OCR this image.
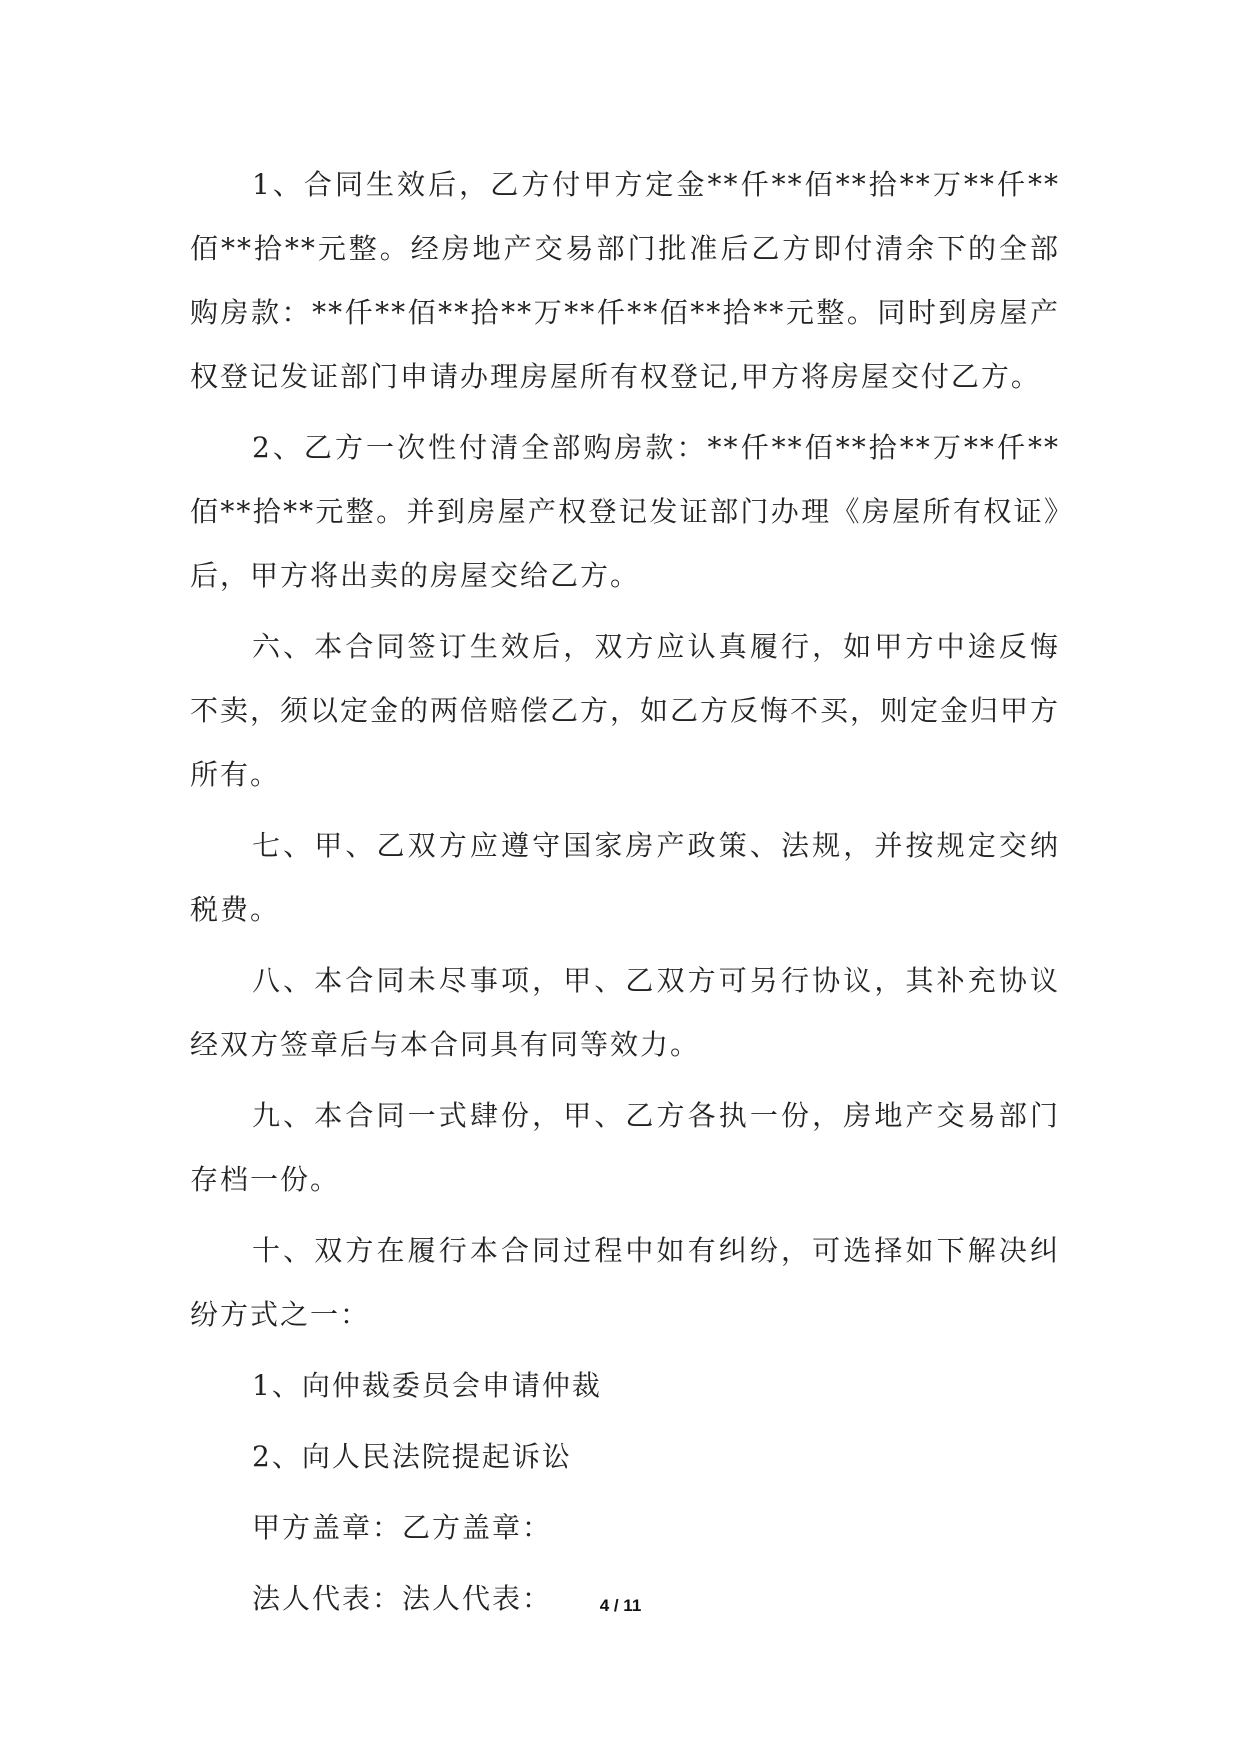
1、合同生效后，乙方付甲方定金**仟**佰**拾**万**仟**佰**拾**元整。经房地产交易部门批准后乙方即付清余下的全部购房款：**仟**佰**拾**万**仟**佰**拾**元整。同时到房屋产权登记发证部门申请办理房屋所有权登记,甲方将房屋交付乙方。

2、乙方一次性付清全部购房款：**仟**佰**拾**万**仟**佰**拾**元整。并到房屋产权登记发证部门办理《房屋所有权证》后，甲方将出卖的房屋交给乙方。

六、本合同签订生效后，双方应认真履行，如甲方中途反悔不卖，须以定金的两倍赔偿乙方，如乙方反悔不买，则定金归甲方所有。

七、甲、乙双方应遵守国家房产政策、法规，并按规定交纳税费。

八、本合同未尽事项，甲、乙双方可另行协议，其补充协议经双方签章后与本合同具有同等效力。

九、本合同一式肆份，甲、乙方各执一份，房地产交易部门存档一份。

十、双方在履行本合同过程中如有纠纷，可选择如下解决纠纷方式之一：

1、向仲裁委员会申请仲裁
2、向人民法院提起诉讼
甲方盖章：乙方盖章：
法人代表：法人代表：	4 / 11
